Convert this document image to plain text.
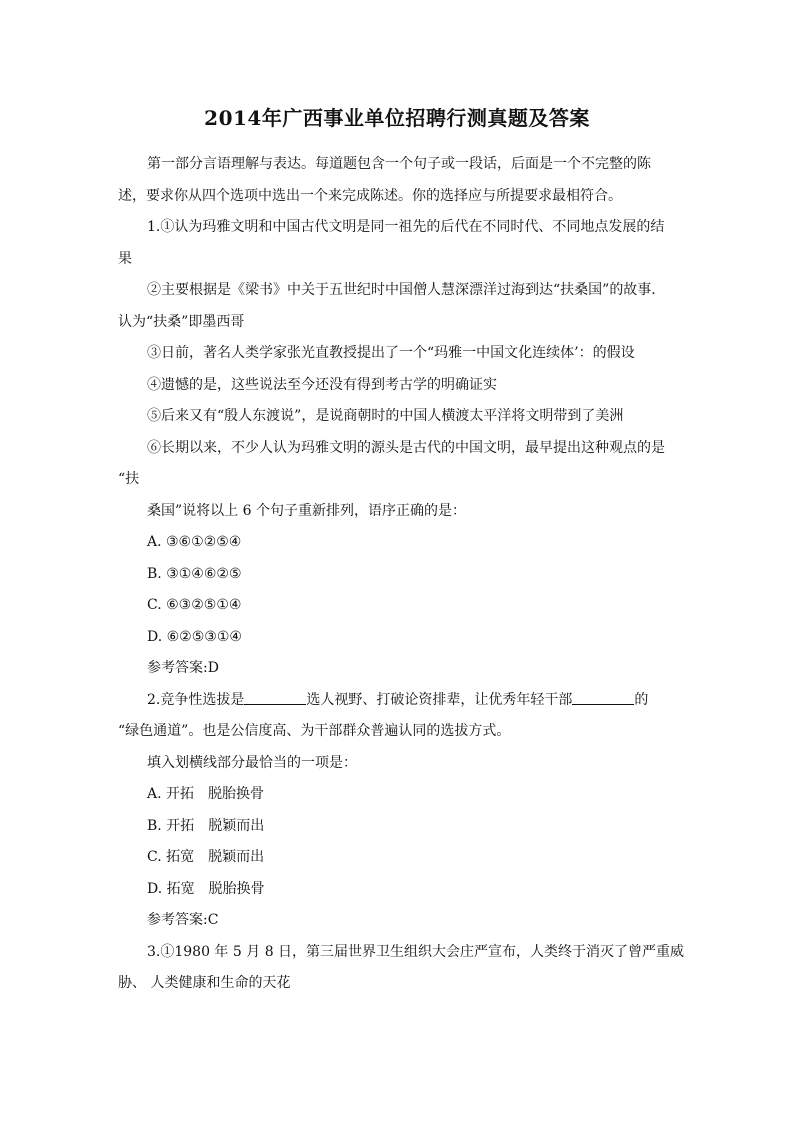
2014年广西事业单位招聘行测真题及答案

第一部分言语理解与表达。每道题包含一个句子或一段话，后面是一个不完整的陈述，要求你从四个选项中选出一个来完成陈述。你的选择应与所提要求最相符合。

1.①认为玛雅文明和中国古代文明是同一祖先的后代在不同时代、不同地点发展的结

果

②主要根据是《梁书》中关于五世纪时中国僧人慧深漂洋过海到达“扶桑国”的故事.

认为“扶桑”即墨西哥

③日前，著名人类学家张光直教授提出了一个“玛雅一中国文化连续体’：的假设

④遗憾的是，这些说法至今还没有得到考古学的明确证实

⑤后来又有“殷人东渡说”，是说商朝时的中国人横渡太平洋将文明带到了美洲

⑥长期以来，不少人认为玛雅文明的源头是古代的中国文明，最早提出这种观点的是

“扶

桑国”说将以上 6 个句子重新排列，语序正确的是：

A. ③⑥①②⑤④

B. ③①④⑥②⑤

C. ⑥③②⑤①④

D. ⑥②⑤③①④

参考答案:D

2.竞争性选拔是	选人视野、打破论资排辈，让优秀年轻干部	的

“绿色通道”。也是公信度高、为干部群众普遍认同的选拔方式。

填入划横线部分最恰当的一项是：

A. 开拓　脱胎换骨

B. 开拓　脱颖而出

C. 拓宽　脱颖而出

D. 拓宽　脱胎换骨

参考答案:C

3.①1980 年 5 月 8 日，第三届世界卫生组织大会庄严宣布，人类终于消灭了曾严重威

胁、 人类健康和生命的天花
